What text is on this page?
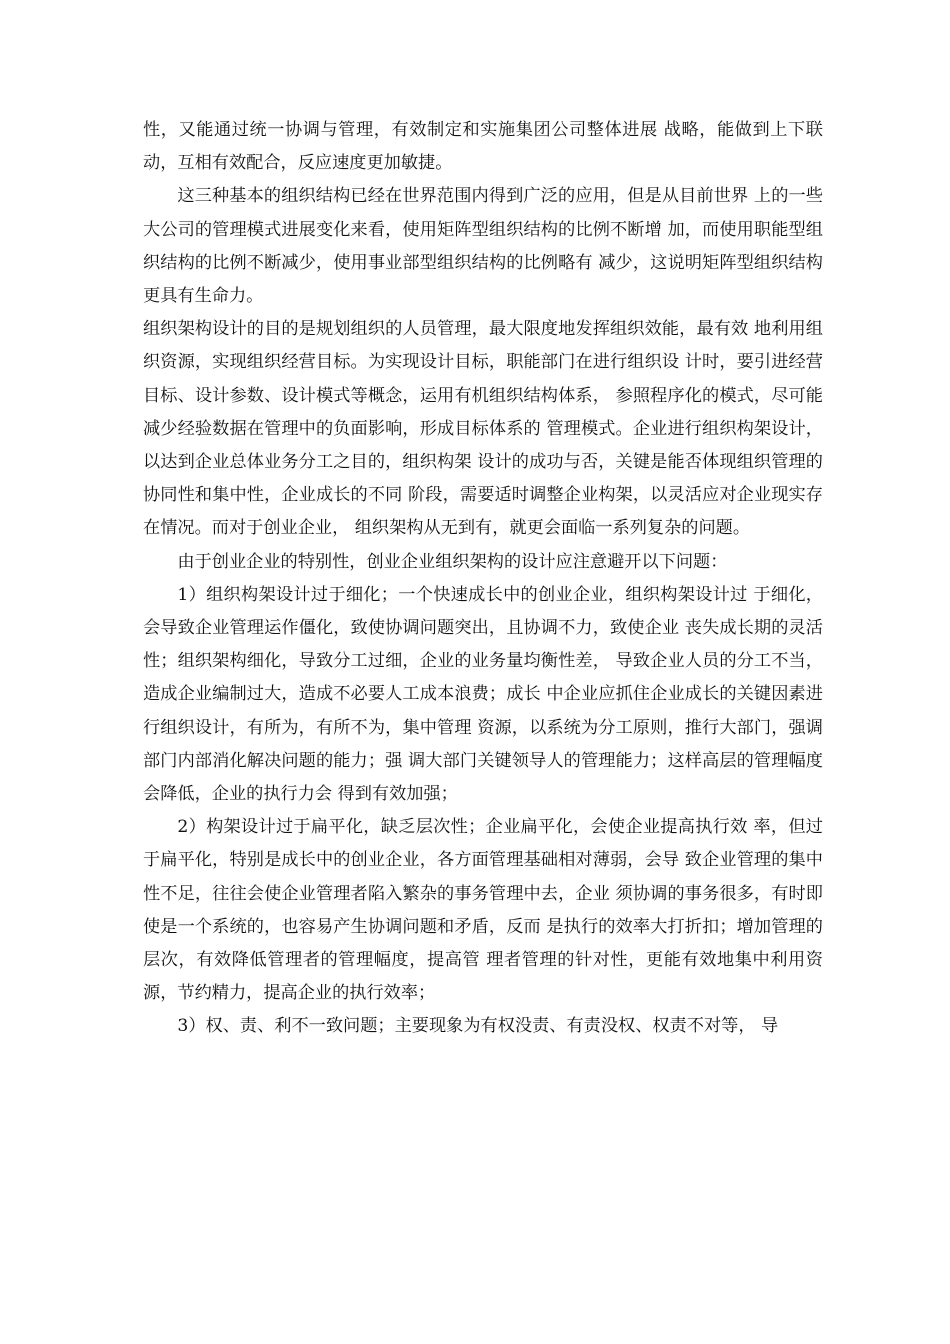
性，又能通过统一协调与管理，有效制定和实施集团公司整体进展 战略，能做到上下联动，互相有效配合，反应速度更加敏捷。

这三种基本的组织结构已经在世界范围内得到广泛的应用，但是从目前世界 上的一些大公司的管理模式进展变化来看，使用矩阵型组织结构的比例不断增 加，而使用职能型组织结构的比例不断减少，使用事业部型组织结构的比例略有 减少，这说明矩阵型组织结构更具有生命力。

组织架构设计的目的是规划组织的人员管理，最大限度地发挥组织效能，最有效 地利用组织资源，实现组织经营目标。为实现设计目标，职能部门在进行组织设 计时，要引进经营目标、设计参数、设计模式等概念，运用有机组织结构体系， 参照程序化的模式，尽可能减少经验数据在管理中的负面影响，形成目标体系的 管理模式。企业进行组织构架设计，以达到企业总体业务分工之目的，组织构架 设计的成功与否，关键是能否体现组织管理的协同性和集中性，企业成长的不同 阶段，需要适时调整企业构架，以灵活应对企业现实存在情况。而对于创业企业， 组织架构从无到有，就更会面临一系列复杂的问题。

由于创业企业的特别性，创业企业组织架构的设计应注意避开以下问题：

1）组织构架设计过于细化；一个快速成长中的创业企业，组织构架设计过 于细化，会导致企业管理运作僵化，致使协调问题突出，且协调不力，致使企业 丧失成长期的灵活性；组织架构细化，导致分工过细，企业的业务量均衡性差， 导致企业人员的分工不当，造成企业编制过大，造成不必要人工成本浪费；成长 中企业应抓住企业成长的关键因素进行组织设计，有所为，有所不为，集中管理 资源，以系统为分工原则，推行大部门，强调部门内部消化解决问题的能力；强 调大部门关键领导人的管理能力；这样高层的管理幅度会降低，企业的执行力会 得到有效加强；

2）构架设计过于扁平化，缺乏层次性；企业扁平化，会使企业提高执行效 率，但过于扁平化，特别是成长中的创业企业，各方面管理基础相对薄弱，会导 致企业管理的集中性不足，往往会使企业管理者陷入繁杂的事务管理中去，企业 须协调的事务很多，有时即使是一个系统的，也容易产生协调问题和矛盾，反而 是执行的效率大打折扣；增加管理的层次，有效降低管理者的管理幅度，提高管 理者管理的针对性，更能有效地集中利用资源，节约精力，提高企业的执行效率；

3）权、责、利不一致问题；主要现象为有权没责、有责没权、权责不对等， 导
